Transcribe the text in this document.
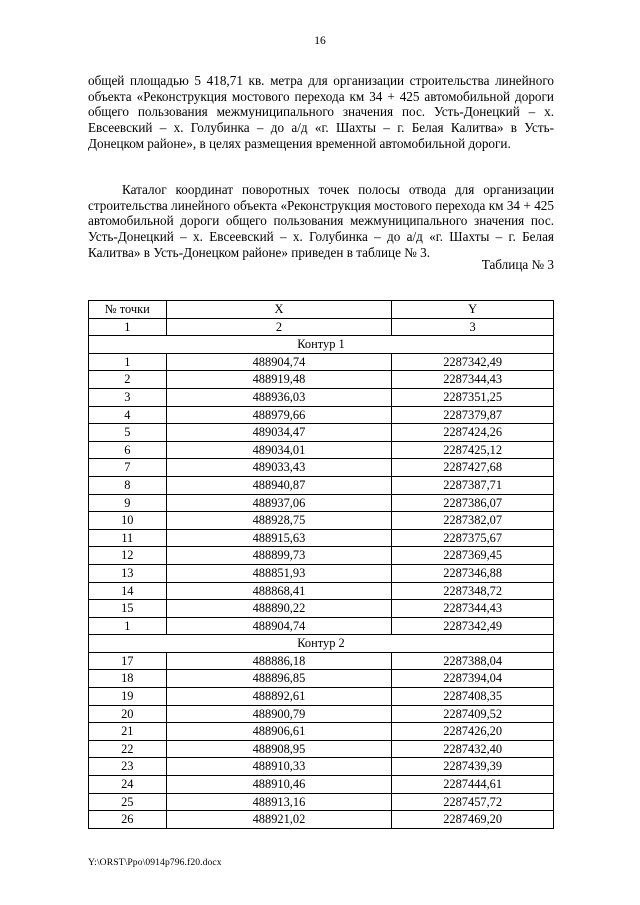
16

общей площадью 5 418,71 кв. метра для организации строительства линейного объекта «Реконструкция мостового перехода км 34 + 425 автомобильной дороги общего пользования межмуниципального значения пос. Усть-Донецкий – х. Евсеевский – х. Голубинка – до а/д «г. Шахты – г. Белая Калитва» в Усть-Донецком районе», в целях размещения временной автомобильной дороги.

Каталог координат поворотных точек полосы отвода для организации строительства линейного объекта «Реконструкция мостового перехода км 34 + 425 автомобильной дороги общего пользования межмуниципального значения пос. Усть-Донецкий – х. Евсеевский – х. Голубинка – до а/д «г. Шахты – г. Белая Калитва» в Усть-Донецком районе» приведен в таблице № 3.

Таблица № 3
№ точки	X	Y
1	2	3
Контур 1		
1	488904,74	2287342,49
2	488919,48	2287344,43
3	488936,03	2287351,25
4	488979,66	2287379,87
5	489034,47	2287424,26
6	489034,01	2287425,12
7	489033,43	2287427,68
8	488940,87	2287387,71
9	488937,06	2287386,07
10	488928,75	2287382,07
11	488915,63	2287375,67
12	488899,73	2287369,45
13	488851,93	2287346,88
14	488868,41	2287348,72
15	488890,22	2287344,43
1	488904,74	2287342,49
Контур 2		
17	488886,18	2287388,04
18	488896,85	2287394,04
19	488892,61	2287408,35
20	488900,79	2287409,52
21	488906,61	2287426,20
22	488908,95	2287432,40
23	488910,33	2287439,39
24	488910,46	2287444,61
25	488913,16	2287457,72
26	488921,02	2287469,20
Y:\ORST\Ppo\0914p796.f20.docx
